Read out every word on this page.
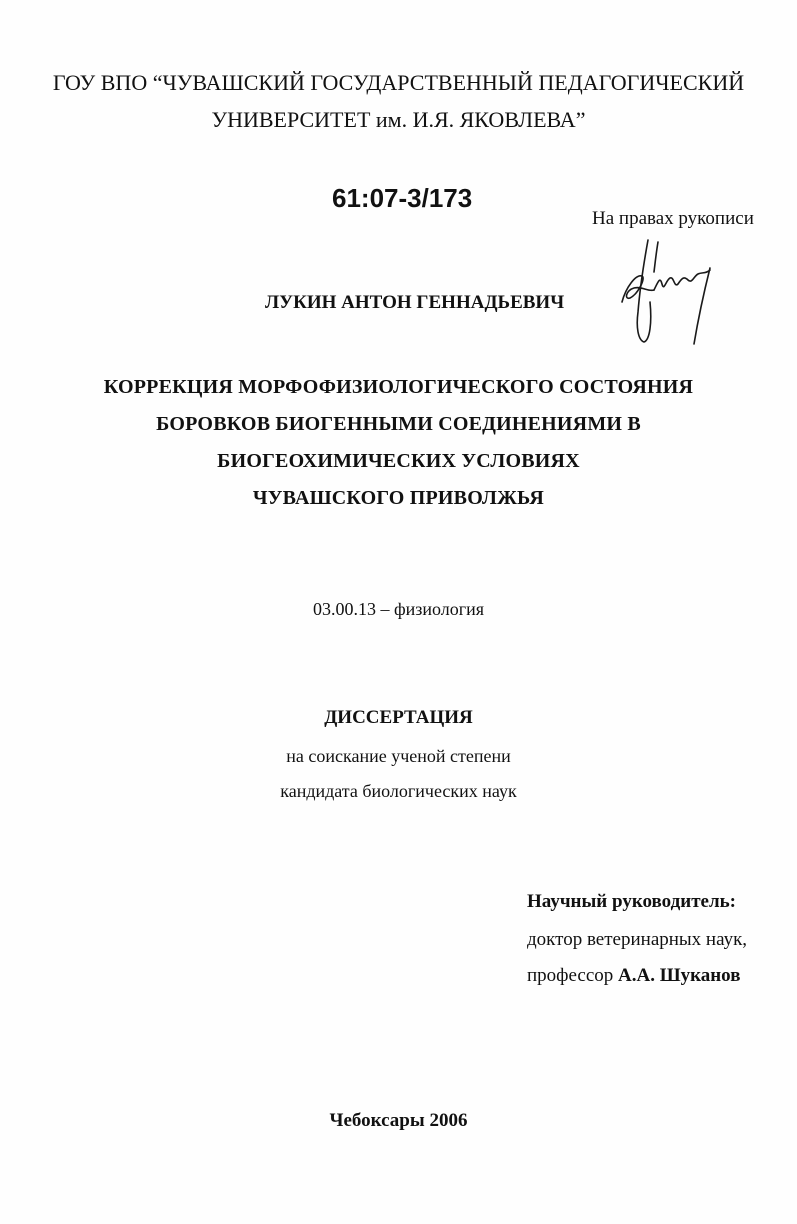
ГОУ ВПО “ЧУВАШСКИЙ ГОСУДАРСТВЕННЫЙ ПЕДАГОГИЧЕСКИЙ
УНИВЕРСИТЕТ им. И.Я. ЯКОВЛЕВА”
61:07-3/173
На правах рукописи
ЛУКИН АНТОН ГЕННАДЬЕВИЧ
КОРРЕКЦИЯ МОРФОФИЗИОЛОГИЧЕСКОГО СОСТОЯНИЯ
БОРОВКОВ БИОГЕННЫМИ СОЕДИНЕНИЯМИ В
БИОГЕОХИМИЧЕСКИХ УСЛОВИЯХ
ЧУВАШСКОГО ПРИВОЛЖЬЯ
03.00.13 – физиология
ДИССЕРТАЦИЯ
на соискание ученой степени
кандидата биологических наук
Научный руководитель:
доктор ветеринарных наук,
профессор А.А. Шуканов
Чебоксары 2006
